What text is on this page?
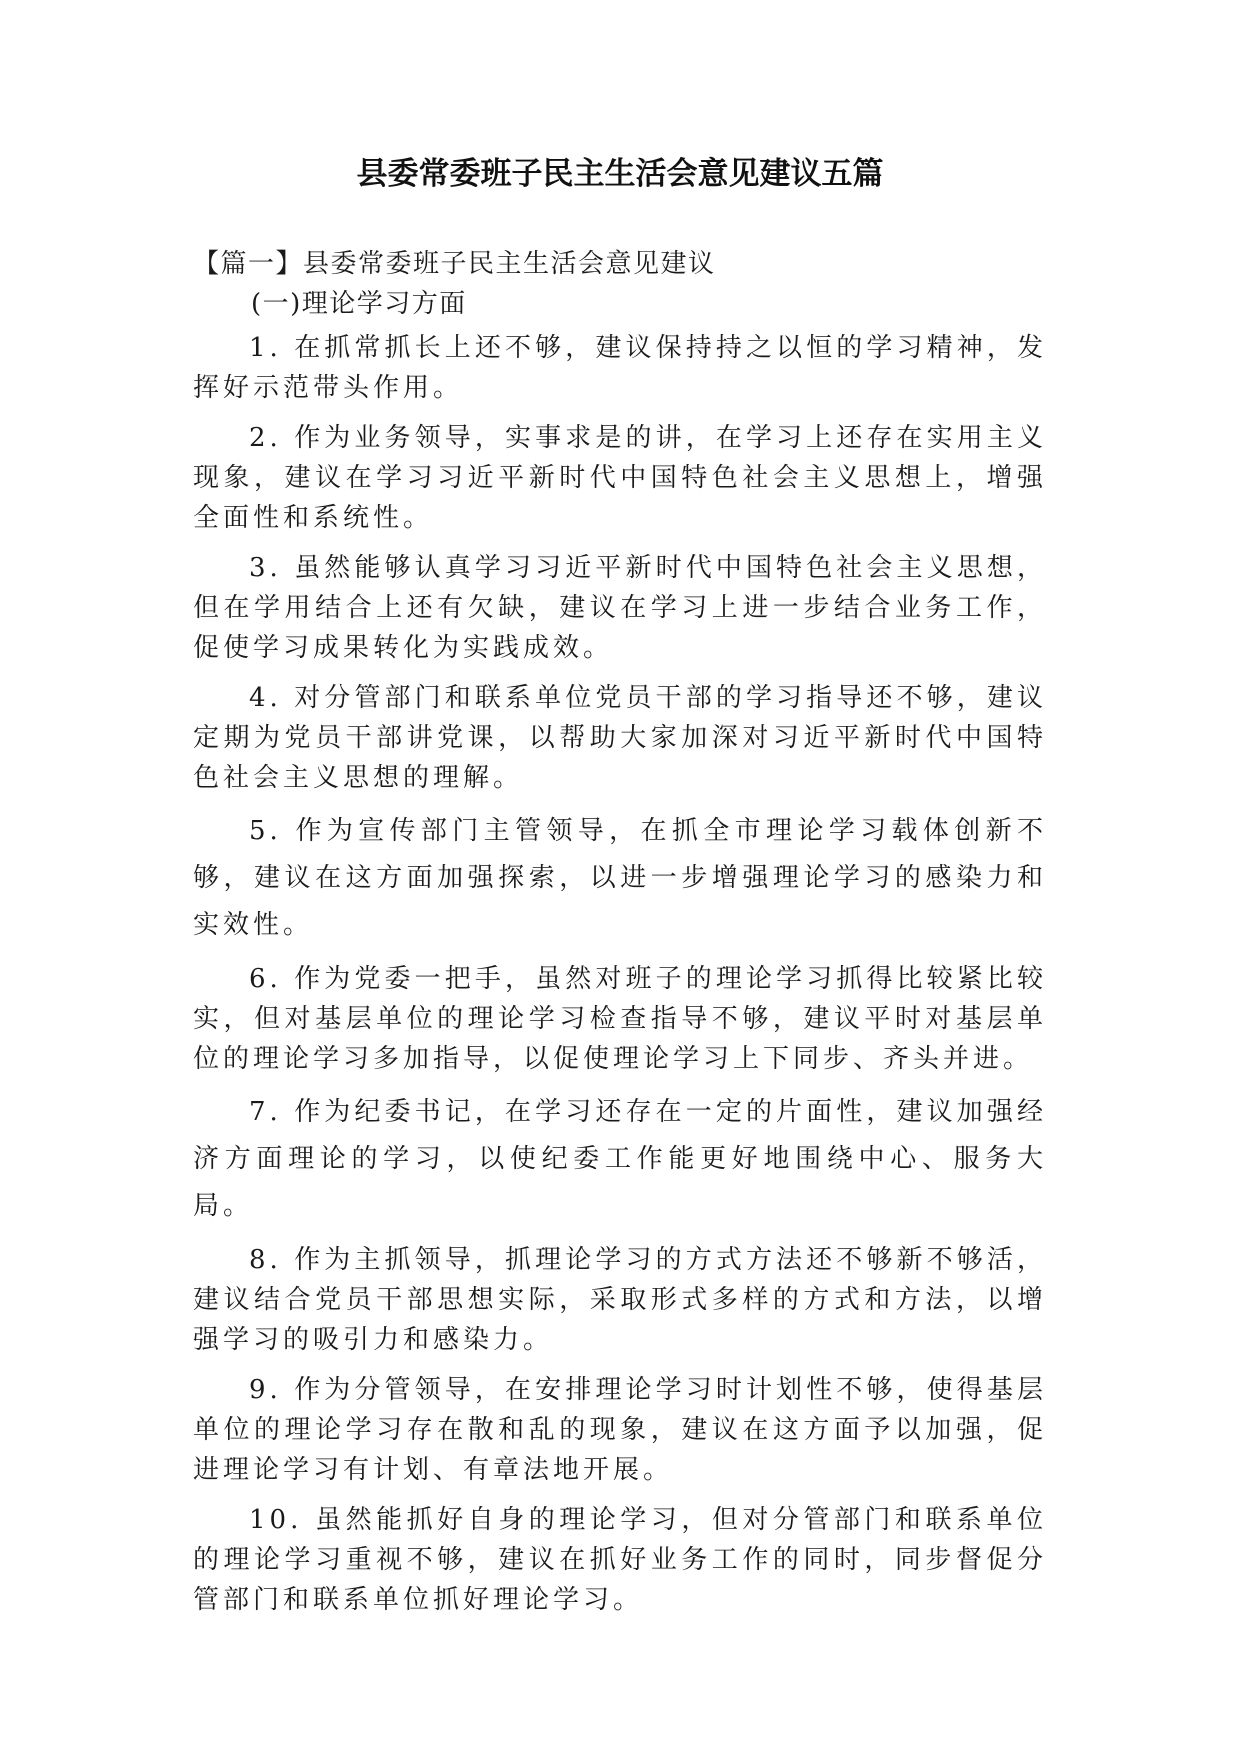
县委常委班子民主生活会意见建议五篇

【篇一】县委常委班子民主生活会意见建议

(一)理论学习方面

1. 在抓常抓长上还不够，建议保持持之以恒的学习精神，发挥好示范带头作用。

2. 作为业务领导，实事求是的讲，在学习上还存在实用主义现象，建议在学习习近平新时代中国特色社会主义思想上，增强全面性和系统性。

3. 虽然能够认真学习习近平新时代中国特色社会主义思想，但在学用结合上还有欠缺，建议在学习上进一步结合业务工作， 促使学习成果转化为实践成效。

4. 对分管部门和联系单位党员干部的学习指导还不够，建议定期为党员干部讲党课，以帮助大家加深对习近平新时代中国特色社会主义思想的理解。

5. 作为宣传部门主管领导，在抓全市理论学习载体创新不够，建议在这方面加强探索，以进一步增强理论学习的感染力和实效性。

6. 作为党委一把手，虽然对班子的理论学习抓得比较紧比较实，但对基层单位的理论学习检查指导不够，建议平时对基层单位的理论学习多加指导，以促使理论学习上下同步、齐头并进。

7. 作为纪委书记，在学习还存在一定的片面性，建议加强经济方面理论的学习，以使纪委工作能更好地围绕中心、服务大局。

8. 作为主抓领导，抓理论学习的方式方法还不够新不够活， 建议结合党员干部思想实际，采取形式多样的方式和方法，以增强学习的吸引力和感染力。

9. 作为分管领导，在安排理论学习时计划性不够，使得基层单位的理论学习存在散和乱的现象，建议在这方面予以加强，促进理论学习有计划、有章法地开展。

10. 虽然能抓好自身的理论学习，但对分管部门和联系单位的理论学习重视不够，建议在抓好业务工作的同时，同步督促分管部门和联系单位抓好理论学习。
